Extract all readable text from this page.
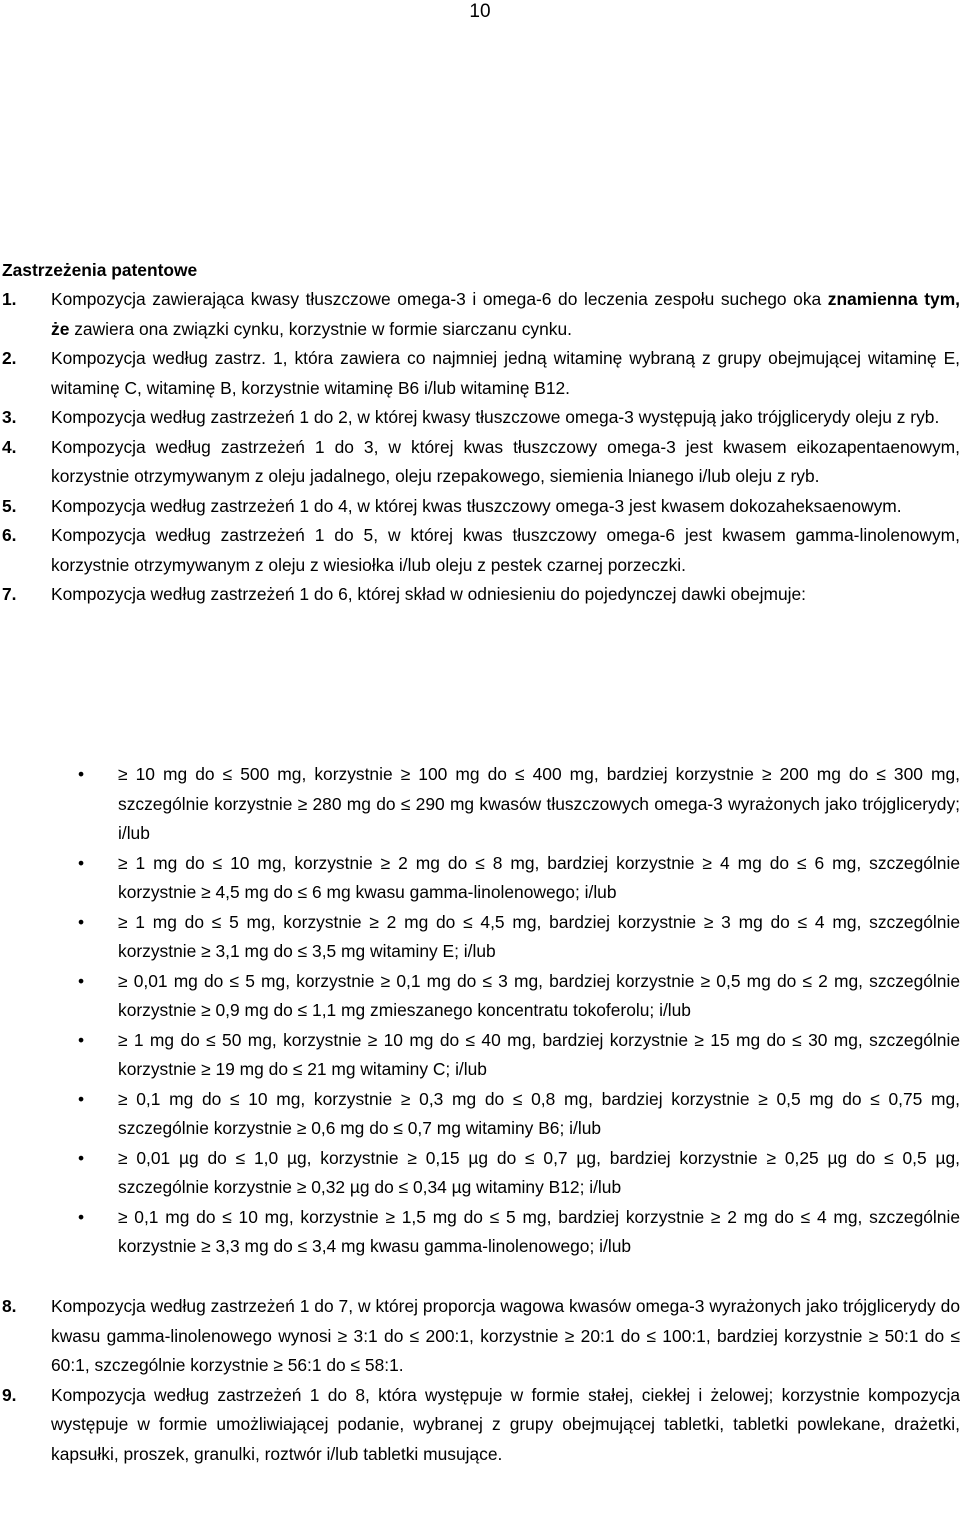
10
Zastrzeżenia patentowe
1. Kompozycja zawierająca kwasy tłuszczowe omega-3 i omega-6 do leczenia zespołu suchego oka znamienna tym, że zawiera ona związki cynku, korzystnie w formie siarczanu cynku.
2. Kompozycja według zastrz. 1, która zawiera co najmniej jedną witaminę wybraną z grupy obejmującej witaminę E, witaminę C, witaminę B, korzystnie witaminę B6 i/lub witaminę B12.
3. Kompozycja według zastrzeżeń 1 do 2, w której kwasy tłuszczowe omega-3 występują jako trójglicerydy oleju z ryb.
4. Kompozycja według zastrzeżeń 1 do 3, w której kwas tłuszczowy omega-3 jest kwasem eikozapentaenowym, korzystnie otrzymywanym z oleju jadalnego, oleju rzepakowego, siemienia lnianego i/lub oleju z ryb.
5. Kompozycja według zastrzeżeń 1 do 4, w której kwas tłuszczowy omega-3 jest kwasem dokozaheksaenowym.
6. Kompozycja według zastrzeżeń 1 do 5, w której kwas tłuszczowy omega-6 jest kwasem gamma-linolenowym, korzystnie otrzymywanym z oleju z wiesiołka i/lub oleju z pestek czarnej porzeczki.
7. Kompozycja według zastrzeżeń 1 do 6, której skład w odniesieniu do pojedynczej dawki obejmuje:
• ≥ 10 mg do ≤ 500 mg, korzystnie ≥ 100 mg do ≤ 400 mg, bardziej korzystnie ≥ 200 mg do ≤ 300 mg, szczególnie korzystnie ≥ 280 mg do ≤ 290 mg kwasów tłuszczowych omega-3 wyrażonych jako trójglicerydy; i/lub
• ≥ 1 mg do ≤ 10 mg, korzystnie ≥ 2 mg do ≤ 8 mg, bardziej korzystnie ≥ 4 mg do ≤ 6 mg, szczególnie korzystnie ≥ 4,5 mg do ≤ 6 mg kwasu gamma-linolenowego; i/lub
• ≥ 1 mg do ≤ 5 mg, korzystnie ≥ 2 mg do ≤ 4,5 mg, bardziej korzystnie ≥ 3 mg do ≤ 4 mg, szczególnie korzystnie ≥ 3,1 mg do ≤ 3,5 mg witaminy E; i/lub
• ≥ 0,01 mg do ≤ 5 mg, korzystnie ≥ 0,1 mg do ≤ 3 mg, bardziej korzystnie ≥ 0,5 mg do ≤ 2 mg, szczególnie korzystnie ≥ 0,9 mg do ≤ 1,1 mg zmieszanego koncentratu tokoferolu; i/lub
• ≥ 1 mg do ≤ 50 mg, korzystnie ≥ 10 mg do ≤ 40 mg, bardziej korzystnie ≥ 15 mg do ≤ 30 mg, szczególnie korzystnie ≥ 19 mg do ≤ 21 mg witaminy C; i/lub
• ≥ 0,1 mg do ≤ 10 mg, korzystnie ≥ 0,3 mg do ≤ 0,8 mg, bardziej korzystnie ≥ 0,5 mg do ≤ 0,75 mg, szczególnie korzystnie ≥ 0,6 mg do ≤ 0,7 mg witaminy B6; i/lub
• ≥ 0,01 µg do ≤ 1,0 µg, korzystnie ≥ 0,15 µg do ≤ 0,7 µg, bardziej korzystnie ≥ 0,25 µg do ≤ 0,5 µg, szczególnie korzystnie ≥ 0,32 µg do ≤ 0,34 µg witaminy B12; i/lub
• ≥ 0,1 mg do ≤ 10 mg, korzystnie ≥ 1,5 mg do ≤ 5 mg, bardziej korzystnie ≥ 2 mg do ≤ 4 mg, szczególnie korzystnie ≥ 3,3 mg do ≤ 3,4 mg kwasu gamma-linolenowego; i/lub
8. Kompozycja według zastrzeżeń 1 do 7, w której proporcja wagowa kwasów omega-3 wyrażonych jako trójglicerydy do kwasu gamma-linolenowego wynosi ≥ 3:1 do ≤ 200:1, korzystnie ≥ 20:1 do ≤ 100:1, bardziej korzystnie ≥ 50:1 do ≤ 60:1, szczególnie korzystnie ≥ 56:1 do ≤ 58:1.
9. Kompozycja według zastrzeżeń 1 do 8, która występuje w formie stałej, ciekłej i żelowej; korzystnie kompozycja występuje w formie umożliwiającej podanie, wybranej z grupy obejmującej tabletki, tabletki powlekane, drażetki, kapsułki, proszek, granulki, roztwór i/lub tabletki musujące.
